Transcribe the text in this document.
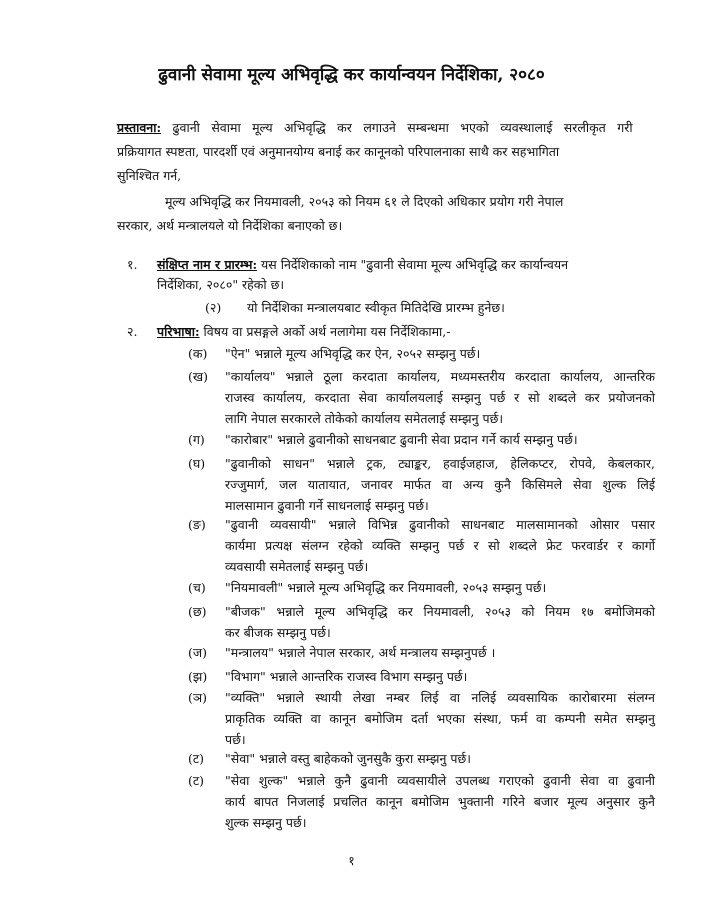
ढुवानी सेवामा मूल्य अभिवृद्धि कर कार्यान्वयन निर्देशिका, २०८०
प्रस्तावना: ढुवानी सेवामा मूल्य अभिवृद्धि कर लगाउने सम्बन्धमा भएको व्यवस्थालाई सरलीकृत गरी
प्रक्रियागत स्पष्टता, पारदर्शी एवं अनुमानयोग्य बनाई कर कानूनको परिपालनाका साथै कर सहभागिता
सुनिश्चित गर्न,
मूल्य अभिवृद्धि कर नियमावली, २०५३ को नियम ६१ ले दिएको अधिकार प्रयोग गरी नेपाल
सरकार, अर्थ मन्त्रालयले यो निर्देशिका बनाएको छ।
१. संक्षिप्त नाम र प्रारम्भ: यस निर्देशिकाको नाम "ढुवानी सेवामा मूल्य अभिवृद्धि कर कार्यान्वयन
निर्देशिका, २०८०" रहेको छ।
(२) यो निर्देशिका मन्त्रालयबाट स्वीकृत मितिदेखि प्रारम्भ हुनेछ।
२. परिभाषा: विषय वा प्रसङ्गले अर्को अर्थ नलागेमा यस निर्देशिकामा,-
(क) "ऐन" भन्नाले मूल्य अभिवृद्धि कर ऐन, २०५२ सम्झनु पर्छ।
(ख) "कार्यालय" भन्नाले ठूला करदाता कार्यालय, मध्यमस्तरीय करदाता कार्यालय, आन्तरिक
राजस्व कार्यालय, करदाता सेवा कार्यालयलाई सम्झनु पर्छ र सो शब्दले कर प्रयोजनको
लागि नेपाल सरकारले तोकेको कार्यालय समेतलाई सम्झनु पर्छ।
(ग) "कारोबार" भन्नाले ढुवानीको साधनबाट ढुवानी सेवा प्रदान गर्ने कार्य सम्झनु पर्छ।
(घ) "ढुवानीको साधन" भन्नाले ट्रक, ट्याङ्कर, हवाईजहाज, हेलिकप्टर, रोपवे, केबलकार,
रज्जुमार्ग, जल यातायात, जनावर मार्फत वा अन्य कुनै किसिमले सेवा शुल्क लिई
मालसामान ढुवानी गर्ने साधनलाई सम्झनु पर्छ।
(ङ) "ढुवानी व्यवसायी" भन्नाले विभिन्न ढुवानीको साधनबाट मालसामानको ओसार पसार
कार्यमा प्रत्यक्ष संलग्न रहेको व्यक्ति सम्झनु पर्छ र सो शब्दले फ्रेट फरवार्डर र कार्गो
व्यवसायी समेतलाई सम्झनु पर्छ।
(च) "नियमावली" भन्नाले मूल्य अभिवृद्धि कर नियमावली, २०५३ सम्झनु पर्छ।
(छ) "बीजक" भन्नाले मूल्य अभिवृद्धि कर नियमावली, २०५३ को नियम १७ बमोजिमको
कर बीजक सम्झनु पर्छ।
(ज) "मन्त्रालय" भन्नाले नेपाल सरकार, अर्थ मन्त्रालय सम्झनुपर्छ ।
(झ) "विभाग" भन्नाले आन्तरिक राजस्व विभाग सम्झनु पर्छ।
(ञ) "व्यक्ति" भन्नाले स्थायी लेखा नम्बर लिई वा नलिई व्यवसायिक कारोबारमा संलग्न
प्राकृतिक व्यक्ति वा कानून बमोजिम दर्ता भएका संस्था, फर्म वा कम्पनी समेत सम्झनु
पर्छ।
(ट) "सेवा" भन्नाले वस्तु बाहेकको जुनसुकै कुरा सम्झनु पर्छ।
(ट) "सेवा शुल्क" भन्नाले कुनै ढुवानी व्यवसायीले उपलब्ध गराएको ढुवानी सेवा वा ढुवानी
कार्य बापत निजलाई प्रचलित कानून बमोजिम भुक्तानी गरिने बजार मूल्य अनुसार कुनै
शुल्क सम्झनु पर्छ।
१
